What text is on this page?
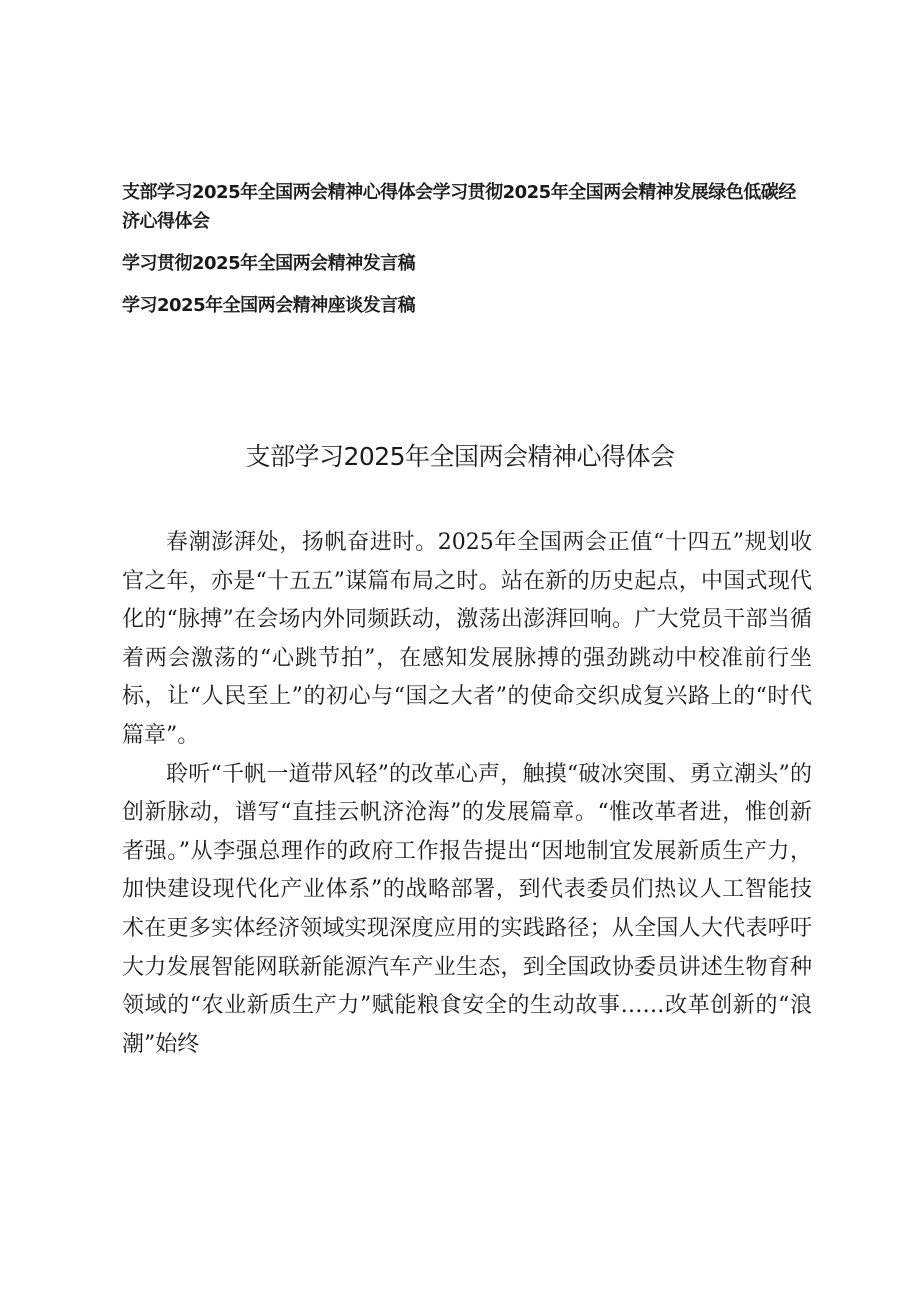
支部学习2025年全国两会精神心得体会学习贯彻2025年全国两会精神发展绿色低碳经济心得体会

学习贯彻2025年全国两会精神发言稿

学习2025年全国两会精神座谈发言稿

支部学习2025年全国两会精神心得体会

春潮澎湃处，扬帆奋进时。2025年全国两会正值“十四五”规划收官之年，亦是“十五五”谋篇布局之时。站在新的历史起点，中国式现代化的“脉搏”在会场内外同频跃动，激荡出澎湃回响。广大党员干部当循着两会激荡的“心跳节拍”，在感知发展脉搏的强劲跳动中校准前行坐标，让“人民至上”的初心与“国之大者”的使命交织成复兴路上的“时代篇章”。

聆听“千帆一道带风轻”的改革心声，触摸“破冰突围、勇立潮头”的创新脉动，谱写“直挂云帆济沧海”的发展篇章。“惟改革者进，惟创新者强。”从李强总理作的政府工作报告提出“因地制宜发展新质生产力，加快建设现代化产业体系”的战略部署，到代表委员们热议人工智能技术在更多实体经济领域实现深度应用的实践路径；从全国人大代表呼吁大力发展智能网联新能源汽车产业生态，到全国政协委员讲述生物育种领域的“农业新质生产力”赋能粮食安全的生动故事……改革创新的“浪潮”始终
